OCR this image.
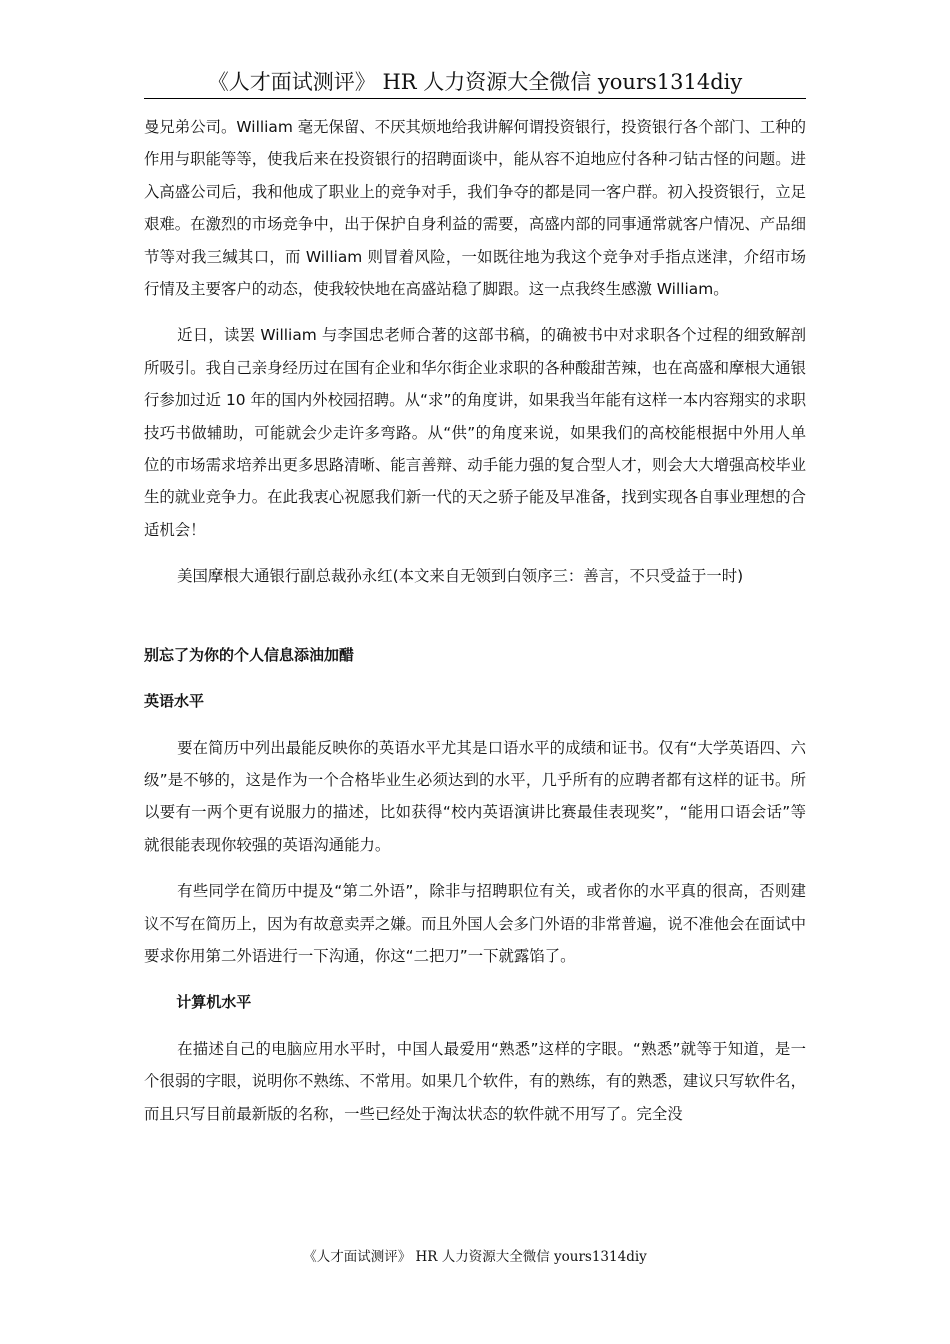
《人才面试测评》 HR 人力资源大全微信 yours1314diy

曼兄弟公司。William 毫无保留、不厌其烦地给我讲解何谓投资银行，投资银行各个部门、工种的作用与职能等等，使我后来在投资银行的招聘面谈中，能从容不迫地应付各种刁钻古怪的问题。进入高盛公司后，我和他成了职业上的竞争对手，我们争夺的都是同一客户群。初入投资银行，立足艰难。在激烈的市场竞争中，出于保护自身利益的需要，高盛内部的同事通常就客户情况、产品细节等对我三缄其口，而 William 则冒着风险，一如既往地为我这个竞争对手指点迷津，介绍市场行情及主要客户的动态，使我较快地在高盛站稳了脚跟。这一点我终生感激 William。

近日，读罢 William 与李国忠老师合著的这部书稿，的确被书中对求职各个过程的细致解剖所吸引。我自己亲身经历过在国有企业和华尔街企业求职的各种酸甜苦辣，也在高盛和摩根大通银行参加过近 10 年的国内外校园招聘。从“求”的角度讲，如果我当年能有这样一本内容翔实的求职技巧书做辅助，可能就会少走许多弯路。从“供”的角度来说，如果我们的高校能根据中外用人单位的市场需求培养出更多思路清晰、能言善辩、动手能力强的复合型人才，则会大大增强高校毕业生的就业竞争力。在此我衷心祝愿我们新一代的天之骄子能及早准备，找到实现各自事业理想的合适机会！

美国摩根大通银行副总裁孙永红(本文来自无领到白领序三：善言，不只受益于一时)

别忘了为你的个人信息添油加醋

英语水平

要在简历中列出最能反映你的英语水平尤其是口语水平的成绩和证书。仅有“大学英语四、六级”是不够的，这是作为一个合格毕业生必须达到的水平，几乎所有的应聘者都有这样的证书。所以要有一两个更有说服力的描述，比如获得“校内英语演讲比赛最佳表现奖”，“能用口语会话”等就很能表现你较强的英语沟通能力。

有些同学在简历中提及“第二外语”，除非与招聘职位有关，或者你的水平真的很高，否则建议不写在简历上，因为有故意卖弄之嫌。而且外国人会多门外语的非常普遍，说不准他会在面试中要求你用第二外语进行一下沟通，你这“二把刀”一下就露馅了。

计算机水平

在描述自己的电脑应用水平时，中国人最爱用“熟悉”这样的字眼。“熟悉”就等于知道，是一个很弱的字眼，说明你不熟练、不常用。如果几个软件，有的熟练，有的熟悉，建议只写软件名，而且只写目前最新版的名称，一些已经处于淘汰状态的软件就不用写了。完全没

《人才面试测评》 HR 人力资源大全微信 yours1314diy
